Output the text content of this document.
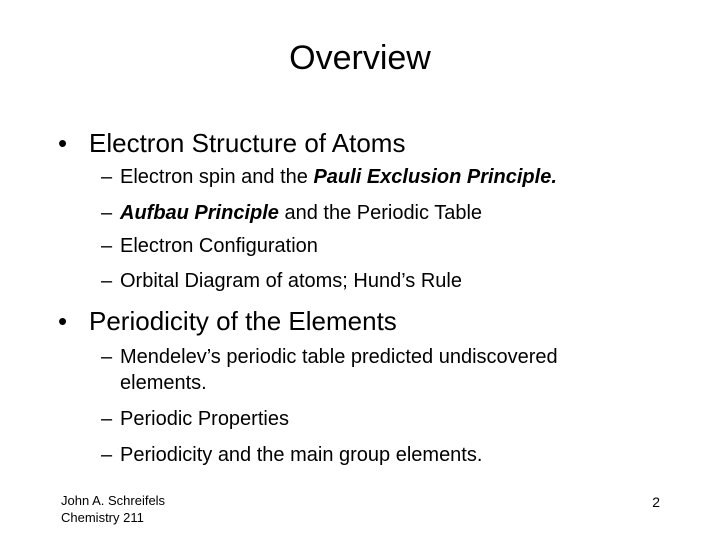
Overview
• Electron Structure of Atoms
– Electron spin and the Pauli Exclusion Principle.
– Aufbau Principle and the Periodic Table
– Electron Configuration
– Orbital Diagram of atoms; Hund’s Rule
• Periodicity of the Elements
– Mendelev’s periodic table predicted undiscovered
elements.
– Periodic Properties
– Periodicity and the main group elements.
John A. Schreifels
Chemistry 211
2
